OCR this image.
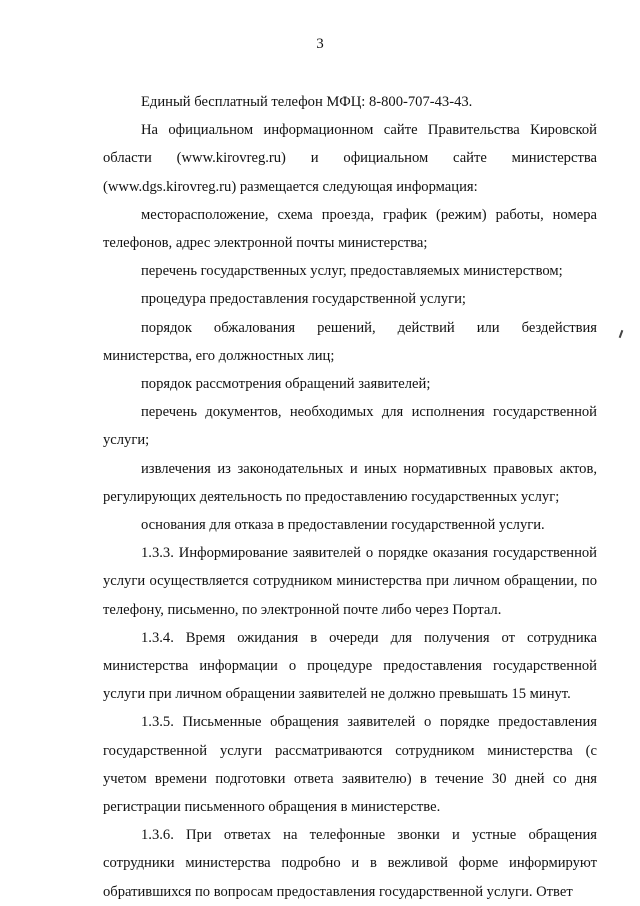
3

Единый бесплатный телефон МФЦ: 8-800-707-43-43.

На официальном информационном сайте Правительства Кировской области (www.kirovreg.ru) и официальном сайте министерства (www.dgs.kirovreg.ru) размещается следующая информация:

месторасположение, схема проезда, график (режим) работы, номера телефонов, адрес электронной почты министерства;

перечень государственных услуг, предоставляемых министерством;

процедура предоставления государственной услуги;

порядок обжалования решений, действий или бездействия министерства, его должностных лиц;

порядок рассмотрения обращений заявителей;

перечень документов, необходимых для исполнения государственной услуги;

извлечения из законодательных и иных нормативных правовых актов, регулирующих деятельность по предоставлению государственных услуг;

основания для отказа в предоставлении государственной услуги.

1.3.3. Информирование заявителей о порядке оказания государственной услуги осуществляется сотрудником министерства при личном обращении, по телефону, письменно, по электронной почте либо через Портал.

1.3.4. Время ожидания в очереди для получения от сотрудника министерства информации о процедуре предоставления государственной услуги при личном обращении заявителей не должно превышать 15 минут.

1.3.5. Письменные обращения заявителей о порядке предоставления государственной услуги рассматриваются сотрудником министерства (с учетом времени подготовки ответа заявителю) в течение 30 дней со дня регистрации письменного обращения в министерстве.

1.3.6. При ответах на телефонные звонки и устные обращения сотрудники министерства подробно и в вежливой форме информируют обратившихся по вопросам предоставления государственной услуги. Ответ
